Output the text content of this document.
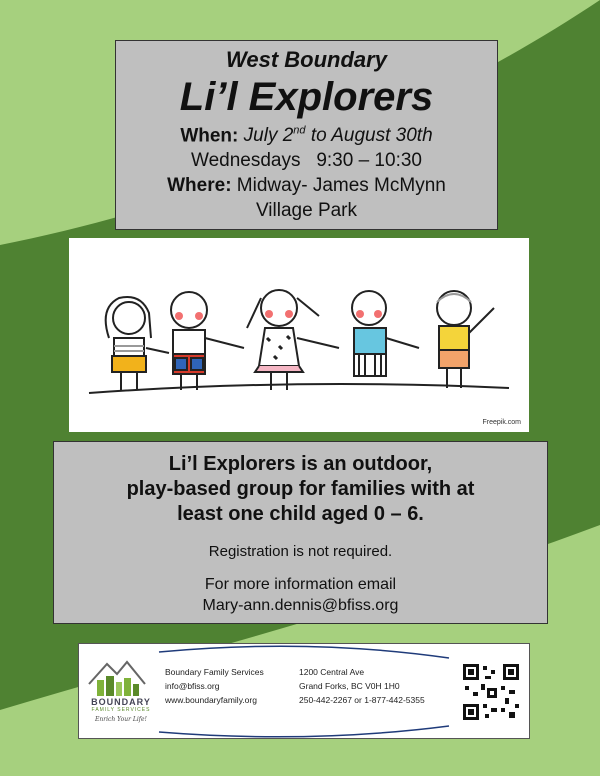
West Boundary
Li’l Explorers
When: July 2nd to August 30th
Wednesdays   9:30 – 10:30
Where: Midway- James McMynn
Village Park
Freepik.com
Li’l Explorers is an outdoor,
play-based group for families with at
least one child aged 0 – 6.
Registration is not required.
For more information email
Mary-ann.dennis@bfiss.org
BOUNDARY
FAMILY SERVICES
Enrich Your Life!
Boundary Family Services
info@bfiss.org
www.boundaryfamily.org
1200 Central Ave
Grand Forks, BC V0H 1H0
250-442-2267 or 1-877-442-5355
